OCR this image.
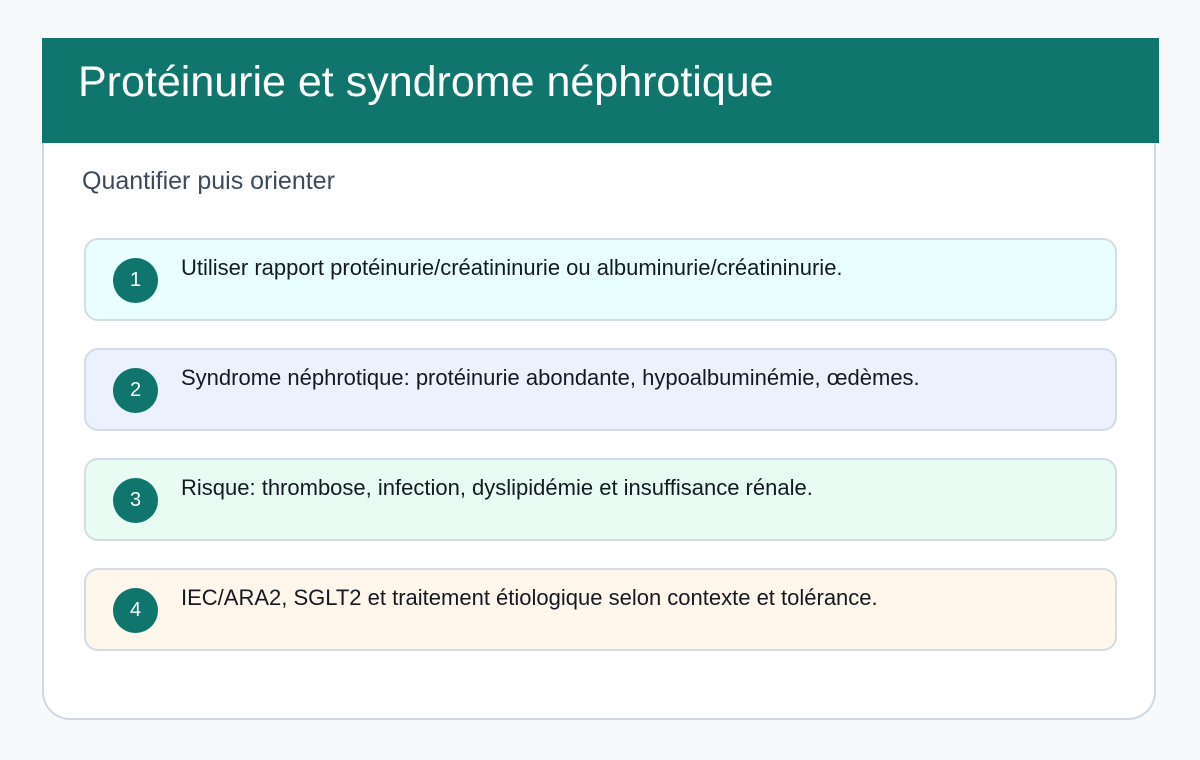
Protéinurie et syndrome néphrotique

Quantifier puis orienter

1	Utiliser rapport protéinurie/créatininurie ou albuminurie/créatininurie.
2	Syndrome néphrotique: protéinurie abondante, hypoalbuminémie, œdèmes.
3	Risque: thrombose, infection, dyslipidémie et insuffisance rénale.
4	IEC/ARA2, SGLT2 et traitement étiologique selon contexte et tolérance.
